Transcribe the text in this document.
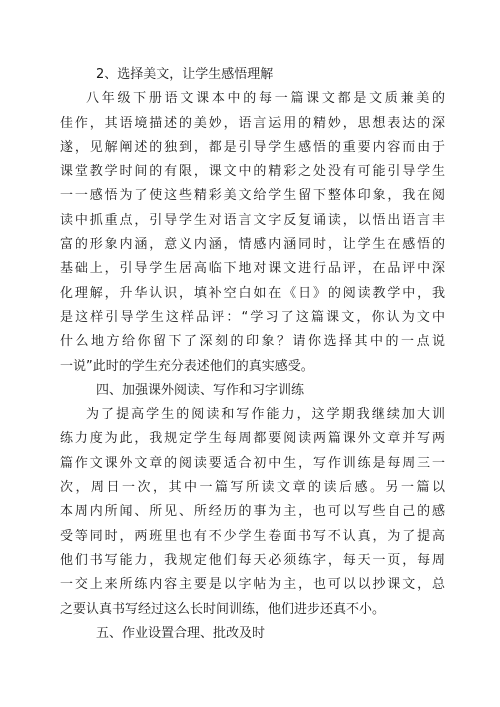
2、选择美文，让学生感悟理解
八年级下册语文课本中的每一篇课文都是文质兼美的
佳作，其语境描述的美妙，语言运用的精妙，思想表达的深
遂，见解阐述的独到，都是引导学生感悟的重要内容而由于
课堂教学时间的有限，课文中的精彩之处没有可能引导学生
一一感悟为了使这些精彩美文给学生留下整体印象，我在阅
读中抓重点，引导学生对语言文字反复诵读，以悟出语言丰
富的形象内涵，意义内涵，情感内涵同时，让学生在感悟的
基础上，引导学生居高临下地对课文进行品评，在品评中深
化理解，升华认识，填补空白如在《日》的阅读教学中，我
是这样引导学生这样品评：“学习了这篇课文，你认为文中
什么地方给你留下了深刻的印象？请你选择其中的一点说
一说”此时的学生充分表述他们的真实感受。
四、加强课外阅读、写作和习字训练
为了提高学生的阅读和写作能力，这学期我继续加大训
练力度为此，我规定学生每周都要阅读两篇课外文章并写两
篇作文课外文章的阅读要适合初中生，写作训练是每周三一
次，周日一次，其中一篇写所读文章的读后感。另一篇以
本周内所闻、所见、所经历的事为主，也可以写些自己的感
受等同时，两班里也有不少学生卷面书写不认真，为了提高
他们书写能力，我规定他们每天必须练字，每天一页，每周
一交上来所练内容主要是以字帖为主，也可以以抄课文，总
之要认真书写经过这么长时间训练，他们进步还真不小。
五、作业设置合理、批改及时
